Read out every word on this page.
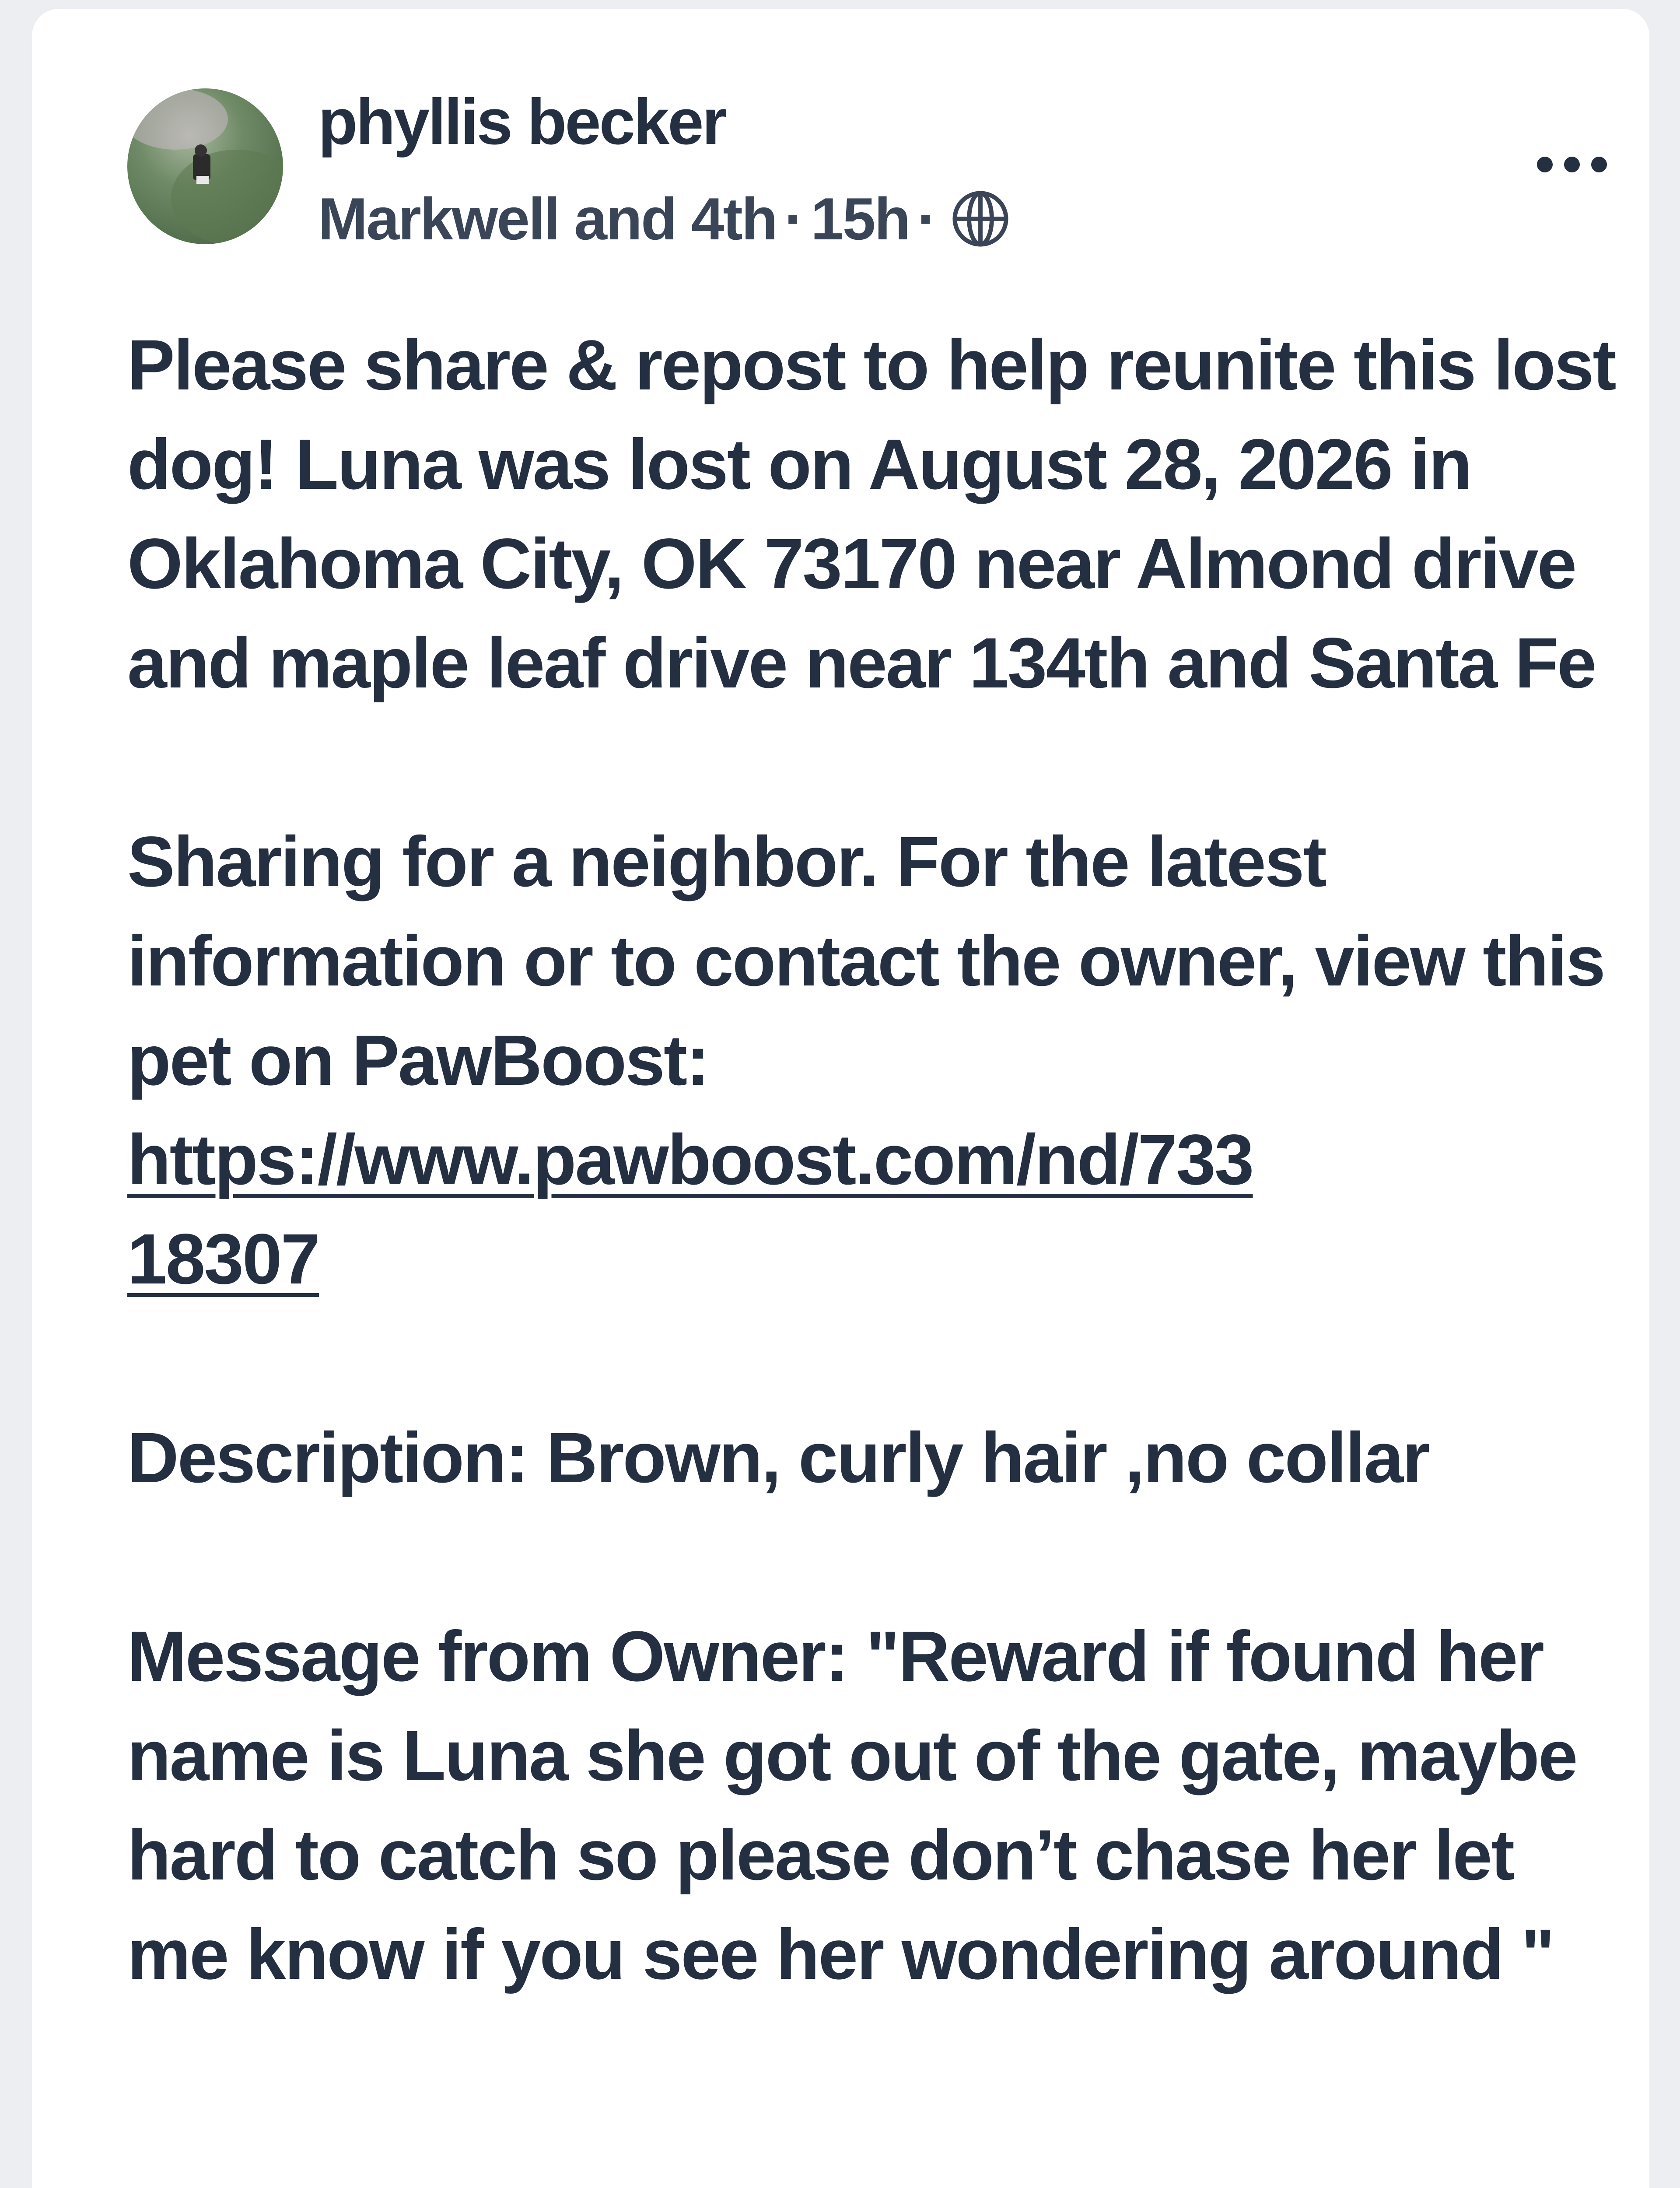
phyllis becker
Markwell and 4th · 15h ·

Please share & repost to help reunite this lost dog! Luna was lost on August 28, 2026 in Oklahoma City, OK 73170 near Almond drive and maple leaf drive near 134th and Santa Fe

Sharing for a neighbor. For the latest information or to contact the owner, view this pet on PawBoost:

https://www.pawboost.com/nd/73318307

Description: Brown, curly hair ,no collar

Message from Owner: "Reward if found her name is Luna she got out of the gate, maybe hard to catch so please don’t chase her let me know if you see her wondering around "
